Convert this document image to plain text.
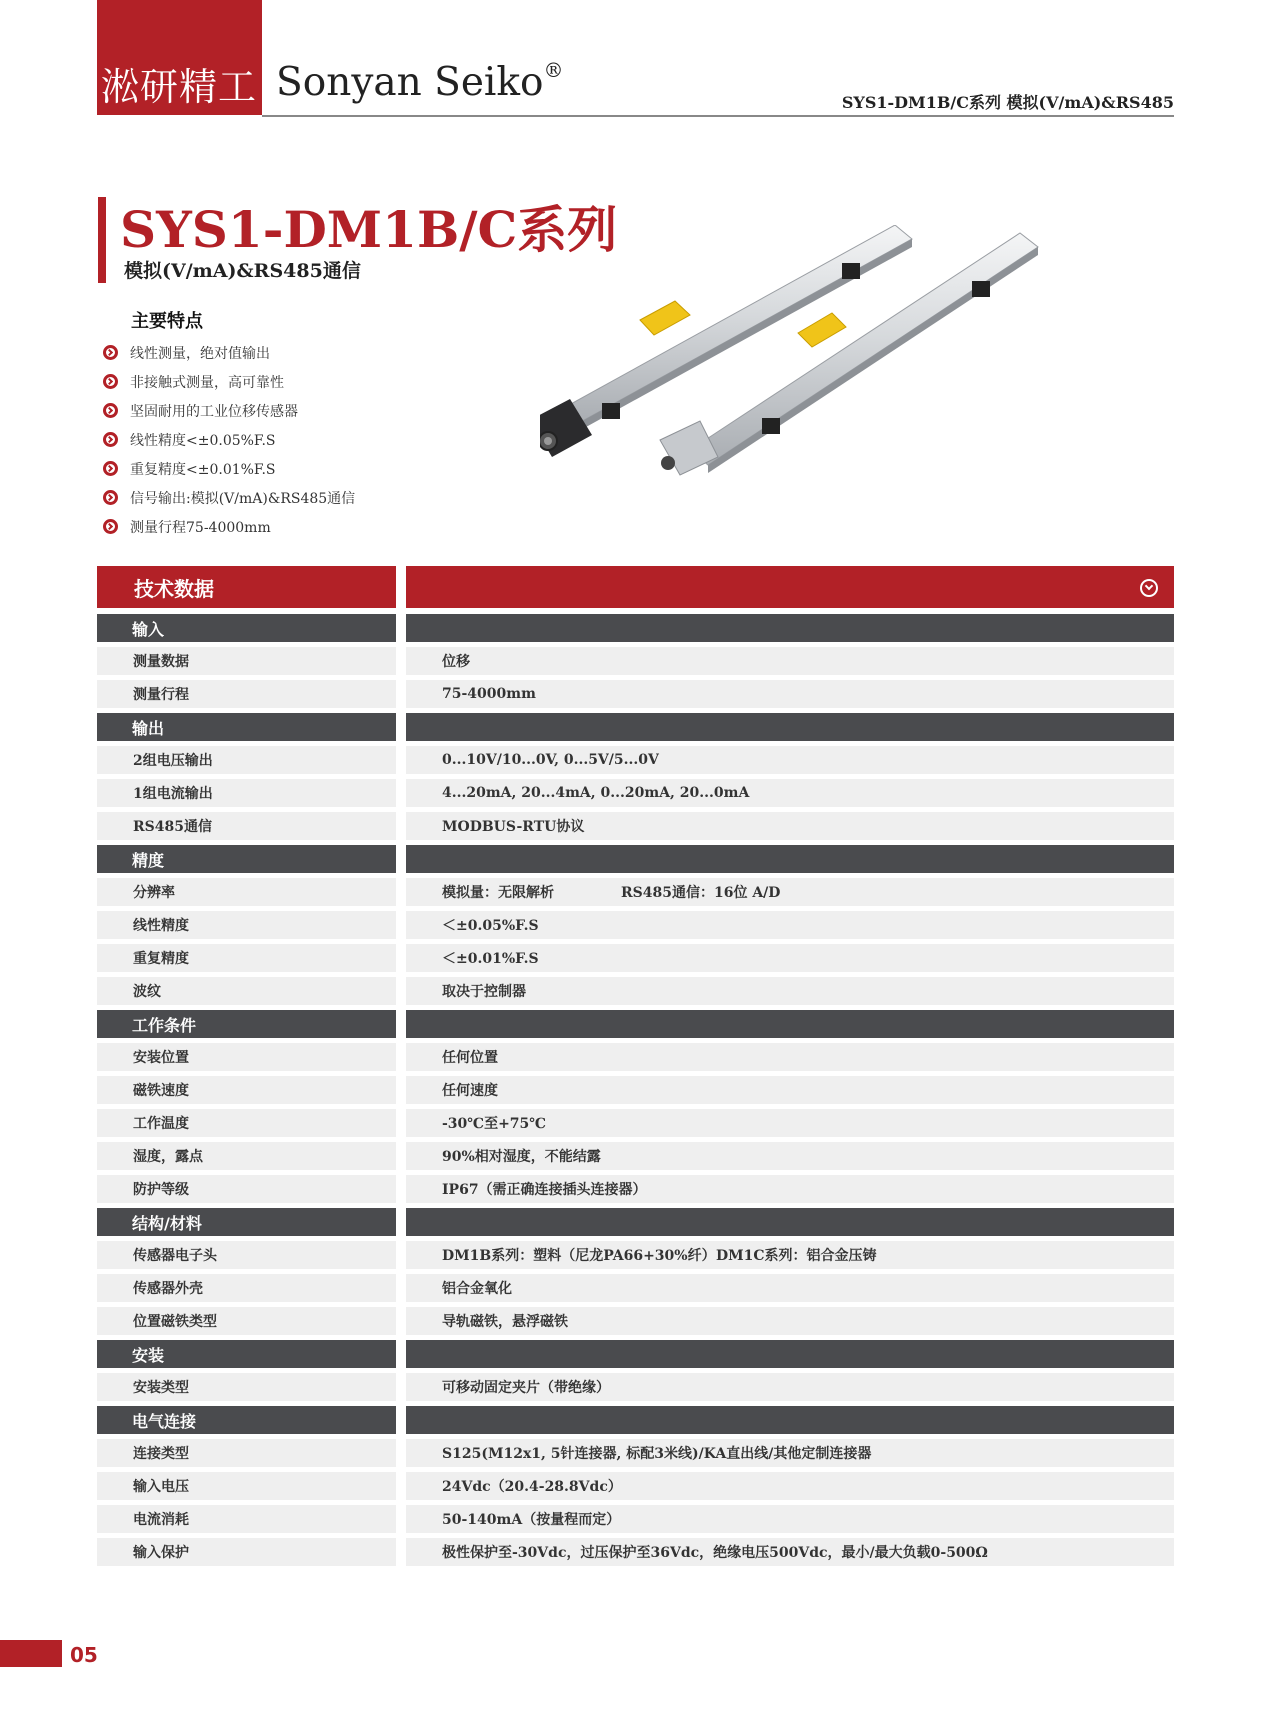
淞研精工 Sonyan Seiko®
SYS1-DM1B/C系列 模拟(V/mA)&RS485
SYS1-DM1B/C系列
模拟(V/mA)&RS485通信
主要特点
线性测量，绝对值输出
非接触式测量，高可靠性
坚固耐用的工业位移传感器
线性精度<±0.05%F.S
重复精度<±0.01%F.S
信号输出:模拟(V/mA)&RS485通信
测量行程75-4000mm
技术数据
输入
测量数据	位移
测量行程	75-4000mm
输出
2组电压输出	0...10V/10...0V, 0...5V/5...0V
1组电流输出	4...20mA, 20...4mA, 0...20mA, 20...0mA
RS485通信	MODBUS-RTU协议
精度
分辨率	模拟量：无限解析	RS485通信：16位 A/D
线性精度	＜±0.05%F.S
重复精度	＜±0.01%F.S
波纹	取决于控制器
工作条件
安装位置	任何位置
磁铁速度	任何速度
工作温度	-30℃至+75℃
湿度，露点	90%相对湿度，不能结露
防护等级	IP67（需正确连接插头连接器）
结构/材料
传感器电子头	DM1B系列：塑料（尼龙PA66+30%纤） DM1C系列：铝合金压铸
传感器外壳	铝合金氧化
位置磁铁类型	导轨磁铁，悬浮磁铁
安装
安装类型	可移动固定夹片（带绝缘）
电气连接
连接类型	S125(M12x1, 5针连接器, 标配3米线)/KA直出线/其他定制连接器
输入电压	24Vdc（20.4-28.8Vdc）
电流消耗	50-140mA（按量程而定）
输入保护	极性保护至-30Vdc，过压保护至36Vdc，绝缘电压500Vdc，最小/最大负载0-500Ω
05
